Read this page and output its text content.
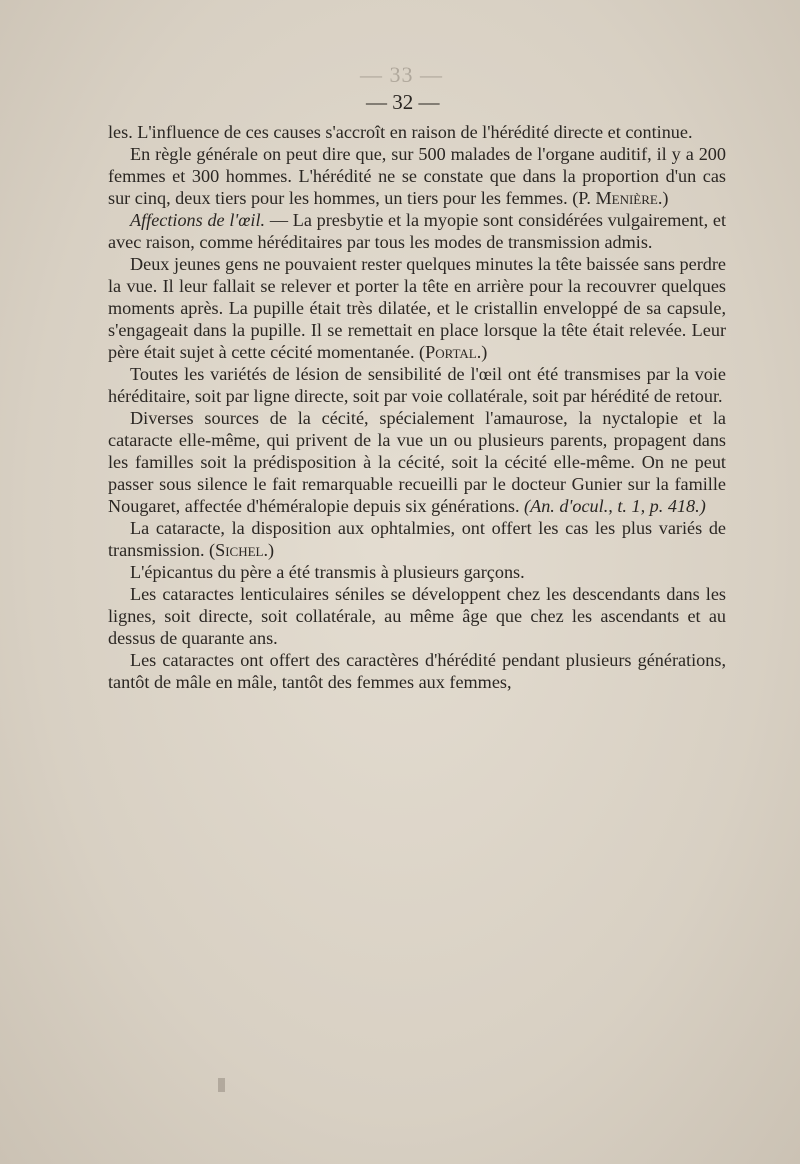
— 33 —
— 32 —

les. L'influence de ces causes s'accroît en raison de l'hérédité directe et continue.

En règle générale on peut dire que, sur 500 malades de l'organe auditif, il y a 200 femmes et 300 hommes. L'hérédité ne se constate que dans la proportion d'un cas sur cinq, deux tiers pour les hommes, un tiers pour les femmes. (P. Menière.)

Affections de l'œil. — La presbytie et la myopie sont considérées vulgairement, et avec raison, comme héréditaires par tous les modes de transmission admis.

Deux jeunes gens ne pouvaient rester quelques minutes la tête baissée sans perdre la vue. Il leur fallait se relever et porter la tête en arrière pour la recouvrer quelques moments après. La pupille était très dilatée, et le cristallin enveloppé de sa capsule, s'engageait dans la pupille. Il se remettait en place lorsque la tête était relevée. Leur père était sujet à cette cécité momentanée. (Portal.)

Toutes les variétés de lésion de sensibilité de l'œil ont été transmises par la voie héréditaire, soit par ligne directe, soit par voie collatérale, soit par hérédité de retour.

Diverses sources de la cécité, spécialement l'amaurose, la nyctalopie et la cataracte elle-même, qui privent de la vue un ou plusieurs parents, propagent dans les familles soit la prédisposition à la cécité, soit la cécité elle-même. On ne peut passer sous silence le fait remarquable recueilli par le docteur Gunier sur la famille Nougaret, affectée d'héméralopie depuis six générations. (An. d'ocul., t. 1, p. 418.)

La cataracte, la disposition aux ophtalmies, ont offert les cas les plus variés de transmission. (Sichel.)

L'épicantus du père a été transmis à plusieurs garçons.

Les cataractes lenticulaires séniles se développent chez les descendants dans les lignes, soit directe, soit collatérale, au même âge que chez les ascendants et au dessus de quarante ans.

Les cataractes ont offert des caractères d'hérédité pendant plusieurs générations, tantôt de mâle en mâle, tantôt des femmes aux femmes,
